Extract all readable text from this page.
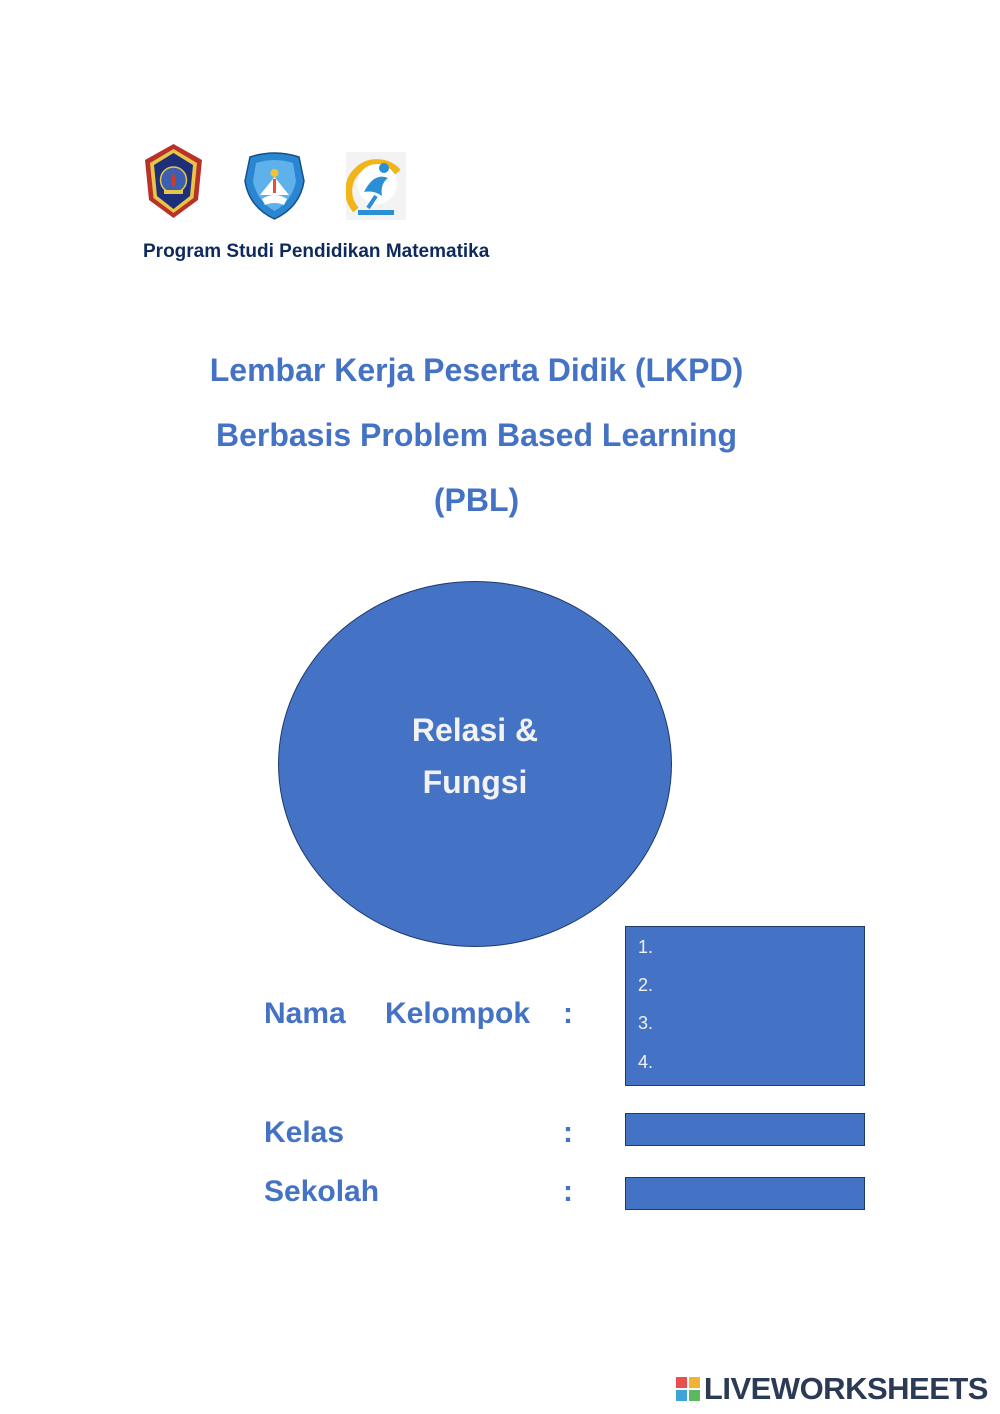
Program Studi Pendidikan Matematika
Lembar Kerja Peserta Didik (LKPD)
Berbasis Problem Based Learning
(PBL)
Relasi &
Fungsi
Nama Kelompok :
1.
2.
3.
4.
Kelas	:
Sekolah	:
LIVEWORKSHEETS
